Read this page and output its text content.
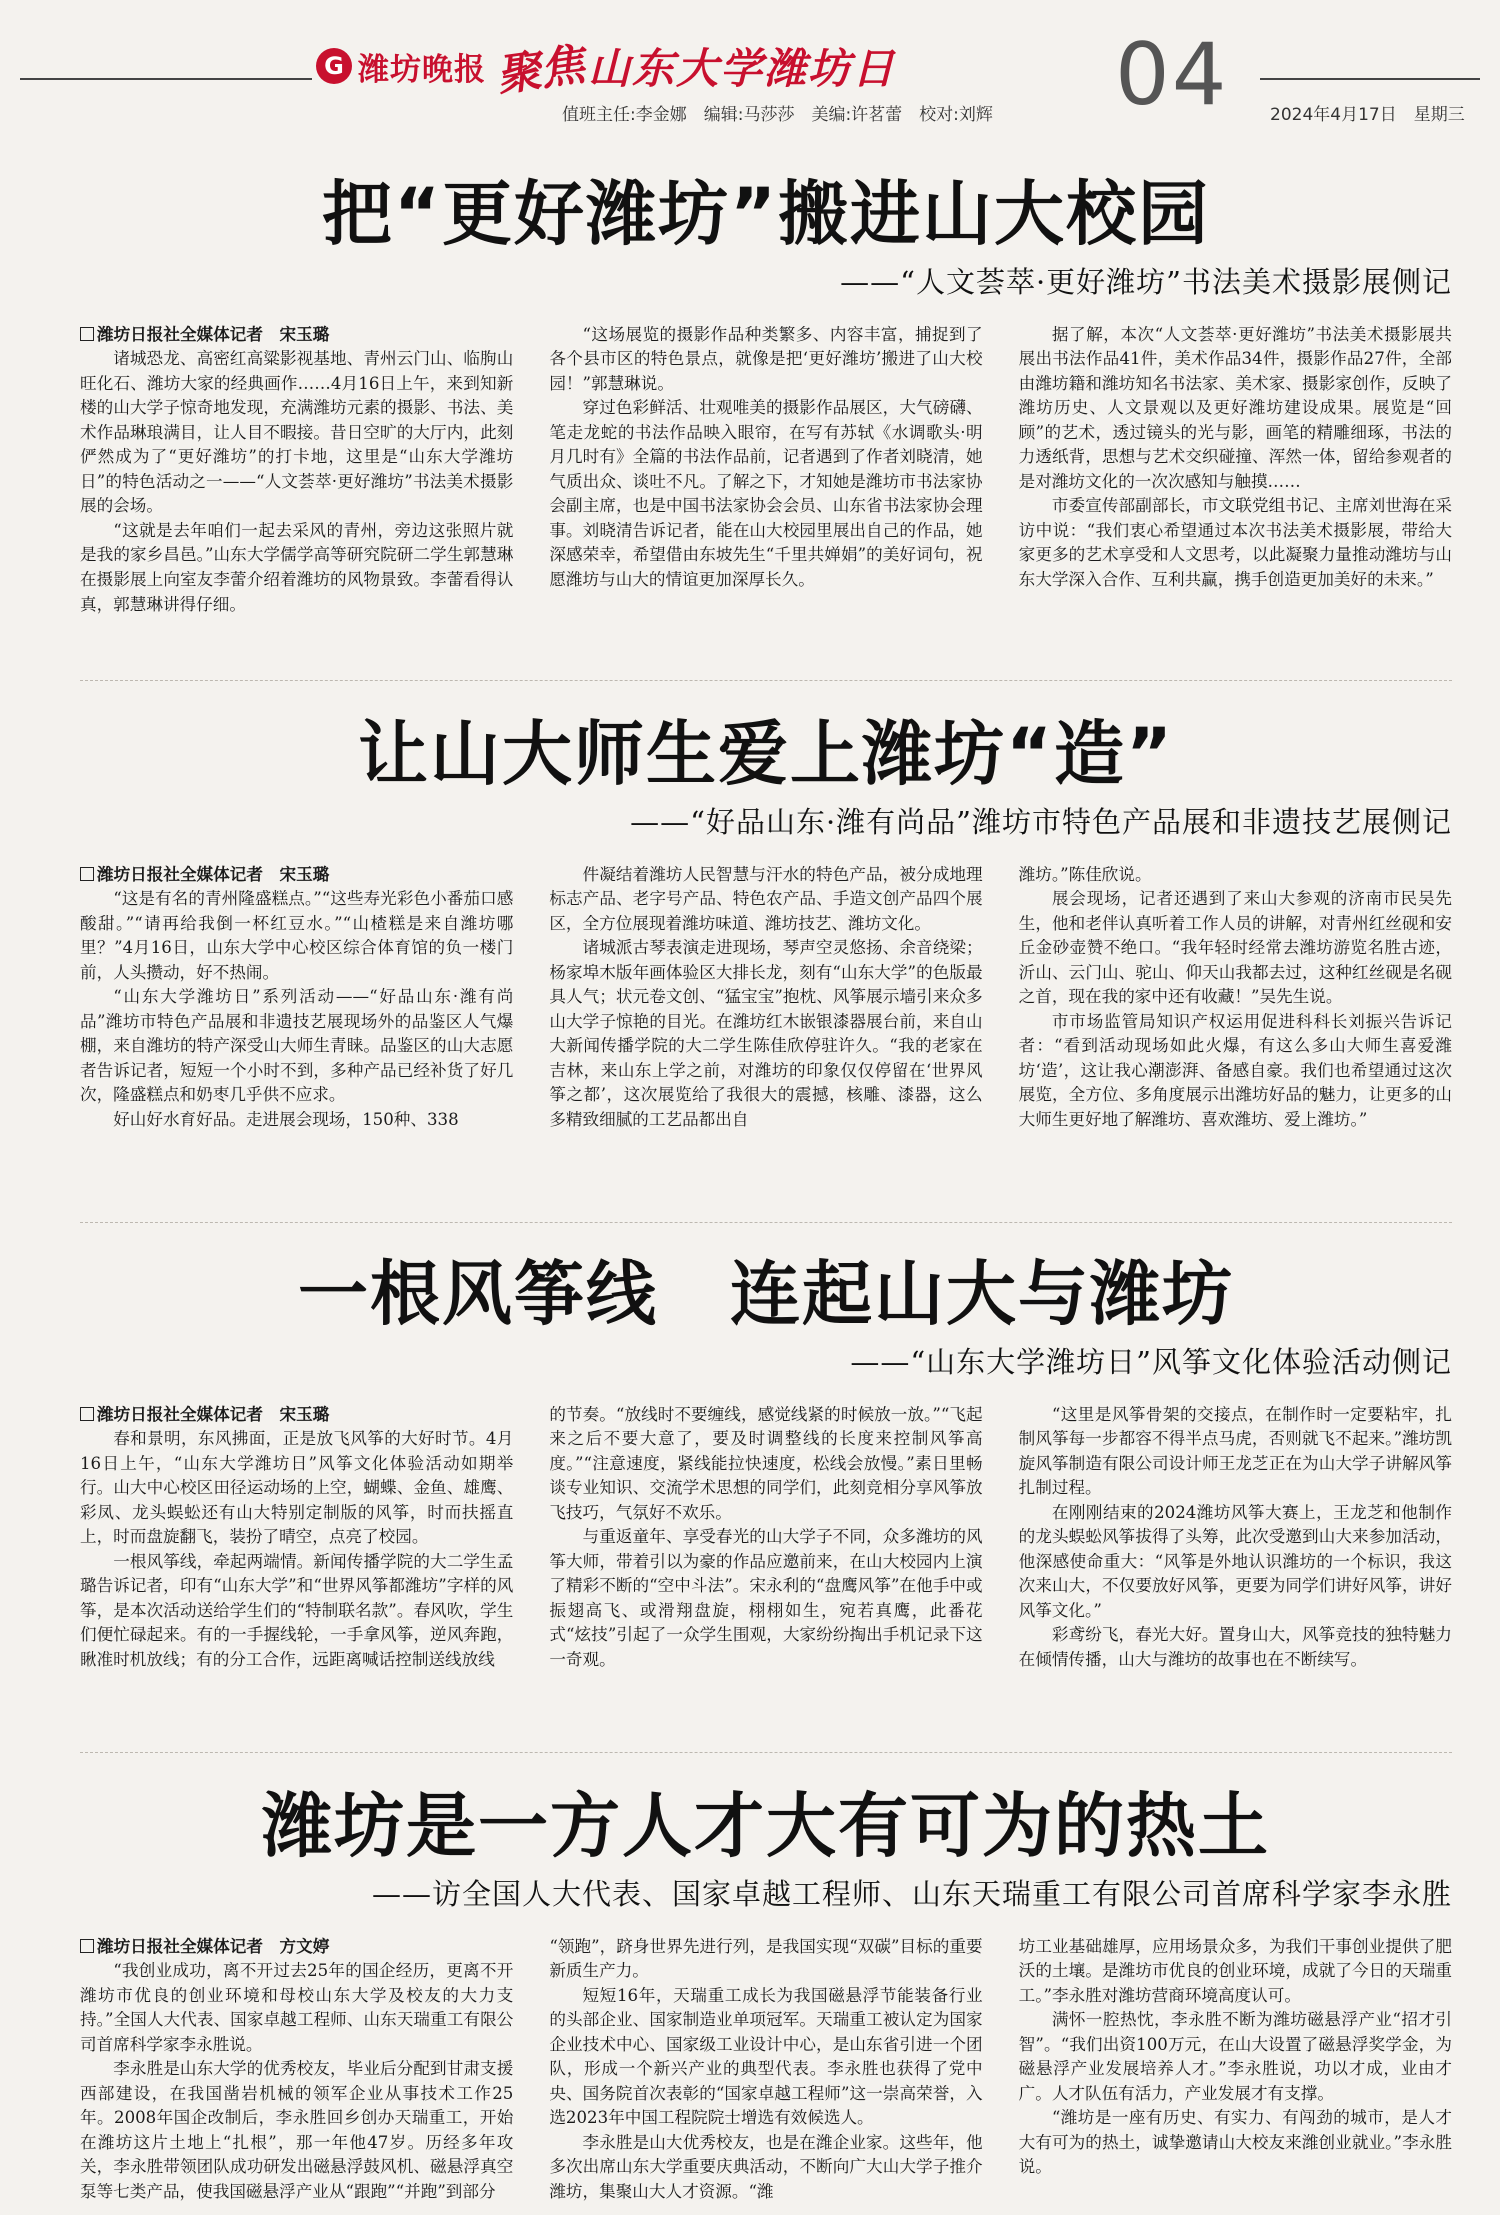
G 潍坊晚报 聚焦 山东大学潍坊日	04
值班主任:李金娜　编辑:马莎莎　美编:许茗蕾　校对:刘辉	2024年4月17日　星期三
把“更好潍坊”搬进山大校园
——“人文荟萃·更好潍坊”书法美术摄影展侧记

潍坊日报社全媒体记者　宋玉璐

诸城恐龙、高密红高粱影视基地、青州云门山、临朐山旺化石、潍坊大家的经典画作……4月16日上午，来到知新楼的山大学子惊奇地发现，充满潍坊元素的摄影、书法、美术作品琳琅满目，让人目不暇接。昔日空旷的大厅内，此刻俨然成为了“更好潍坊”的打卡地，这里是“山东大学潍坊日”的特色活动之一——“人文荟萃·更好潍坊”书法美术摄影展的会场。

“这就是去年咱们一起去采风的青州，旁边这张照片就是我的家乡昌邑。”山东大学儒学高等研究院研二学生郭慧琳在摄影展上向室友李蕾介绍着潍坊的风物景致。李蕾看得认真，郭慧琳讲得仔细。

“这场展览的摄影作品种类繁多、内容丰富，捕捉到了各个县市区的特色景点，就像是把‘更好潍坊’搬进了山大校园！”郭慧琳说。

穿过色彩鲜活、壮观唯美的摄影作品展区，大气磅礴、笔走龙蛇的书法作品映入眼帘，在写有苏轼《水调歌头·明月几时有》全篇的书法作品前，记者遇到了作者刘晓清，她气质出众、谈吐不凡。了解之下，才知她是潍坊市书法家协会副主席，也是中国书法家协会会员、山东省书法家协会理事。刘晓清告诉记者，能在山大校园里展出自己的作品，她深感荣幸，希望借由东坡先生“千里共婵娟”的美好词句，祝愿潍坊与山大的情谊更加深厚长久。

据了解，本次“人文荟萃·更好潍坊”书法美术摄影展共展出书法作品41件，美术作品34件，摄影作品27件，全部由潍坊籍和潍坊知名书法家、美术家、摄影家创作，反映了潍坊历史、人文景观以及更好潍坊建设成果。展览是“回顾”的艺术，透过镜头的光与影，画笔的精雕细琢，书法的力透纸背，思想与艺术交织碰撞、浑然一体，留给参观者的是对潍坊文化的一次次感知与触摸……

市委宣传部副部长，市文联党组书记、主席刘世海在采访中说：“我们衷心希望通过本次书法美术摄影展，带给大家更多的艺术享受和人文思考，以此凝聚力量推动潍坊与山东大学深入合作、互利共赢，携手创造更加美好的未来。”

让山大师生爱上潍坊“造”
——“好品山东·潍有尚品”潍坊市特色产品展和非遗技艺展侧记

潍坊日报社全媒体记者　宋玉璐

“这是有名的青州隆盛糕点。”“这些寿光彩色小番茄口感酸甜。”“请再给我倒一杯红豆水。”“山楂糕是来自潍坊哪里？”4月16日，山东大学中心校区综合体育馆的负一楼门前，人头攒动，好不热闹。

“山东大学潍坊日”系列活动——“好品山东·潍有尚品”潍坊市特色产品展和非遗技艺展现场外的品鉴区人气爆棚，来自潍坊的特产深受山大师生青睐。品鉴区的山大志愿者告诉记者，短短一个小时不到，多种产品已经补货了好几次，隆盛糕点和奶枣几乎供不应求。

好山好水育好品。走进展会现场，150种、338

件凝结着潍坊人民智慧与汗水的特色产品，被分成地理标志产品、老字号产品、特色农产品、手造文创产品四个展区，全方位展现着潍坊味道、潍坊技艺、潍坊文化。

诸城派古琴表演走进现场，琴声空灵悠扬、余音绕梁；杨家埠木版年画体验区大排长龙，刻有“山东大学”的色版最具人气；状元卷文创、“猛宝宝”抱枕、风筝展示墙引来众多山大学子惊艳的目光。在潍坊红木嵌银漆器展台前，来自山大新闻传播学院的大二学生陈佳欣停驻许久。“我的老家在吉林，来山东上学之前，对潍坊的印象仅仅停留在‘世界风筝之都’，这次展览给了我很大的震撼，核雕、漆器，这么多精致细腻的工艺品都出自

潍坊。”陈佳欣说。

展会现场，记者还遇到了来山大参观的济南市民吴先生，他和老伴认真听着工作人员的讲解，对青州红丝砚和安丘金砂壶赞不绝口。“我年轻时经常去潍坊游览名胜古迹，沂山、云门山、驼山、仰天山我都去过，这种红丝砚是名砚之首，现在我的家中还有收藏！”吴先生说。

市市场监管局知识产权运用促进科科长刘振兴告诉记者：“看到活动现场如此火爆，有这么多山大师生喜爱潍坊‘造’，这让我心潮澎湃、备感自豪。我们也希望通过这次展览，全方位、多角度展示出潍坊好品的魅力，让更多的山大师生更好地了解潍坊、喜欢潍坊、爱上潍坊。”

一根风筝线　连起山大与潍坊
——“山东大学潍坊日”风筝文化体验活动侧记

潍坊日报社全媒体记者　宋玉璐

春和景明，东风拂面，正是放飞风筝的大好时节。4月16日上午，“山东大学潍坊日”风筝文化体验活动如期举行。山大中心校区田径运动场的上空，蝴蝶、金鱼、雄鹰、彩凤、龙头蜈蚣还有山大特别定制版的风筝，时而扶摇直上，时而盘旋翻飞，装扮了晴空，点亮了校园。

一根风筝线，牵起两端情。新闻传播学院的大二学生孟璐告诉记者，印有“山东大学”和“世界风筝都潍坊”字样的风筝，是本次活动送给学生们的“特制联名款”。春风吹，学生们便忙碌起来。有的一手握线轮，一手拿风筝，逆风奔跑，瞅准时机放线；有的分工合作，远距离喊话控制送线放线

的节奏。“放线时不要缠线，感觉线紧的时候放一放。”“飞起来之后不要大意了，要及时调整线的长度来控制风筝高度。”“注意速度，紧线能拉快速度，松线会放慢。”素日里畅谈专业知识、交流学术思想的同学们，此刻竞相分享风筝放飞技巧，气氛好不欢乐。

与重返童年、享受春光的山大学子不同，众多潍坊的风筝大师，带着引以为豪的作品应邀前来，在山大校园内上演了精彩不断的“空中斗法”。宋永利的“盘鹰风筝”在他手中或振翅高飞、或滑翔盘旋，栩栩如生，宛若真鹰，此番花式“炫技”引起了一众学生围观，大家纷纷掏出手机记录下这一奇观。

“这里是风筝骨架的交接点，在制作时一定要粘牢，扎制风筝每一步都容不得半点马虎，否则就飞不起来。”潍坊凯旋风筝制造有限公司设计师王龙芝正在为山大学子讲解风筝扎制过程。

在刚刚结束的2024潍坊风筝大赛上，王龙芝和他制作的龙头蜈蚣风筝拔得了头筹，此次受邀到山大来参加活动，他深感使命重大：“风筝是外地认识潍坊的一个标识，我这次来山大，不仅要放好风筝，更要为同学们讲好风筝，讲好风筝文化。”

彩鸢纷飞，春光大好。置身山大，风筝竞技的独特魅力在倾情传播，山大与潍坊的故事也在不断续写。

潍坊是一方人才大有可为的热土
——访全国人大代表、国家卓越工程师、山东天瑞重工有限公司首席科学家李永胜

潍坊日报社全媒体记者　方文婷

“我创业成功，离不开过去25年的国企经历，更离不开潍坊市优良的创业环境和母校山东大学及校友的大力支持。”全国人大代表、国家卓越工程师、山东天瑞重工有限公司首席科学家李永胜说。

李永胜是山东大学的优秀校友，毕业后分配到甘肃支援西部建设，在我国凿岩机械的领军企业从事技术工作25年。2008年国企改制后，李永胜回乡创办天瑞重工，开始在潍坊这片土地上“扎根”，那一年他47岁。历经多年攻关，李永胜带领团队成功研发出磁悬浮鼓风机、磁悬浮真空泵等七类产品，使我国磁悬浮产业从“跟跑”“并跑”到部分

“领跑”，跻身世界先进行列，是我国实现“双碳”目标的重要新质生产力。

短短16年，天瑞重工成长为我国磁悬浮节能装备行业的头部企业、国家制造业单项冠军。天瑞重工被认定为国家企业技术中心、国家级工业设计中心，是山东省引进一个团队，形成一个新兴产业的典型代表。李永胜也获得了党中央、国务院首次表彰的“国家卓越工程师”这一崇高荣誉，入选2023年中国工程院院士增选有效候选人。

李永胜是山大优秀校友，也是在潍企业家。这些年，他多次出席山东大学重要庆典活动，不断向广大山大学子推介潍坊，集聚山大人才资源。“潍

坊工业基础雄厚，应用场景众多，为我们干事创业提供了肥沃的土壤。是潍坊市优良的创业环境，成就了今日的天瑞重工。”李永胜对潍坊营商环境高度认可。

满怀一腔热忱，李永胜不断为潍坊磁悬浮产业“招才引智”。“我们出资100万元，在山大设置了磁悬浮奖学金，为磁悬浮产业发展培养人才。”李永胜说，功以才成，业由才广。人才队伍有活力，产业发展才有支撑。

“潍坊是一座有历史、有实力、有闯劲的城市，是人才大有可为的热土，诚挚邀请山大校友来潍创业就业。”李永胜说。
